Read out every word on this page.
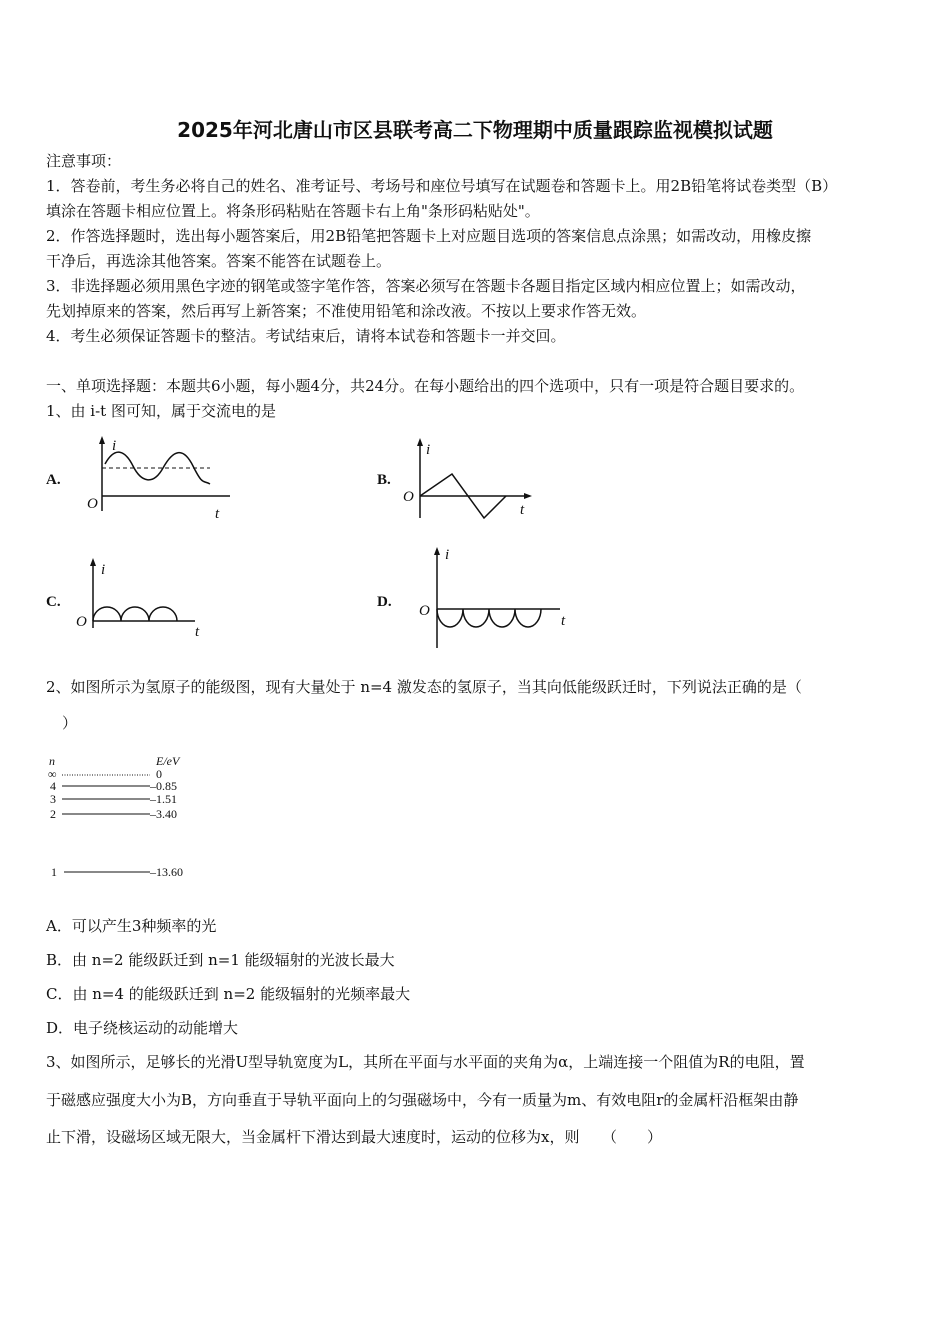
2025年河北唐山市区县联考高二下物理期中质量跟踪监视模拟试题
注意事项：
1．答卷前，考生务必将自己的姓名、准考证号、考场号和座位号填写在试题卷和答题卡上。用2B铅笔将试卷类型（B）
填涂在答题卡相应位置上。将条形码粘贴在答题卡右上角"条形码粘贴处"。
2．作答选择题时，选出每小题答案后，用2B铅笔把答题卡上对应题目选项的答案信息点涂黑；如需改动，用橡皮擦
干净后，再选涂其他答案。答案不能答在试题卷上。
3．非选择题必须用黑色字迹的钢笔或签字笔作答，答案必须写在答题卡各题目指定区域内相应位置上；如需改动，
先划掉原来的答案，然后再写上新答案；不准使用铅笔和涂改液。不按以上要求作答无效。
4．考生必须保证答题卡的整洁。考试结束后，请将本试卷和答题卡一并交回。
一、单项选择题：本题共6小题，每小题4分，共24分。在每小题给出的四个选项中，只有一项是符合题目要求的。
1、由 i-t 图可知，属于交流电的是
A.
i
O
t
B.
i
O
t
C.
i
O
t
D.
i
O
t
2、如图所示为氢原子的能级图，现有大量处于 n=4 激发态的氢原子，当其向低能级跃迁时，下列说法正确的是（
）
n	E/eV
∞	0
4	–0.85
3	–1.51
2	–3.40
1	–13.60
A．可以产生3种频率的光
B．由 n=2 能级跃迁到 n=1 能级辐射的光波长最大
C．由 n=4 的能级跃迁到 n=2 能级辐射的光频率最大
D．电子绕核运动的动能增大
3、如图所示，足够长的光滑U型导轨宽度为L，其所在平面与水平面的夹角为α，上端连接一个阻值为R的电阻，置
于磁感应强度大小为B，方向垂直于导轨平面向上的匀强磁场中，今有一质量为m、有效电阻r的金属杆沿框架由静
止下滑，设磁场区域无限大，当金属杆下滑达到最大速度时，运动的位移为x，则　　（　　）
